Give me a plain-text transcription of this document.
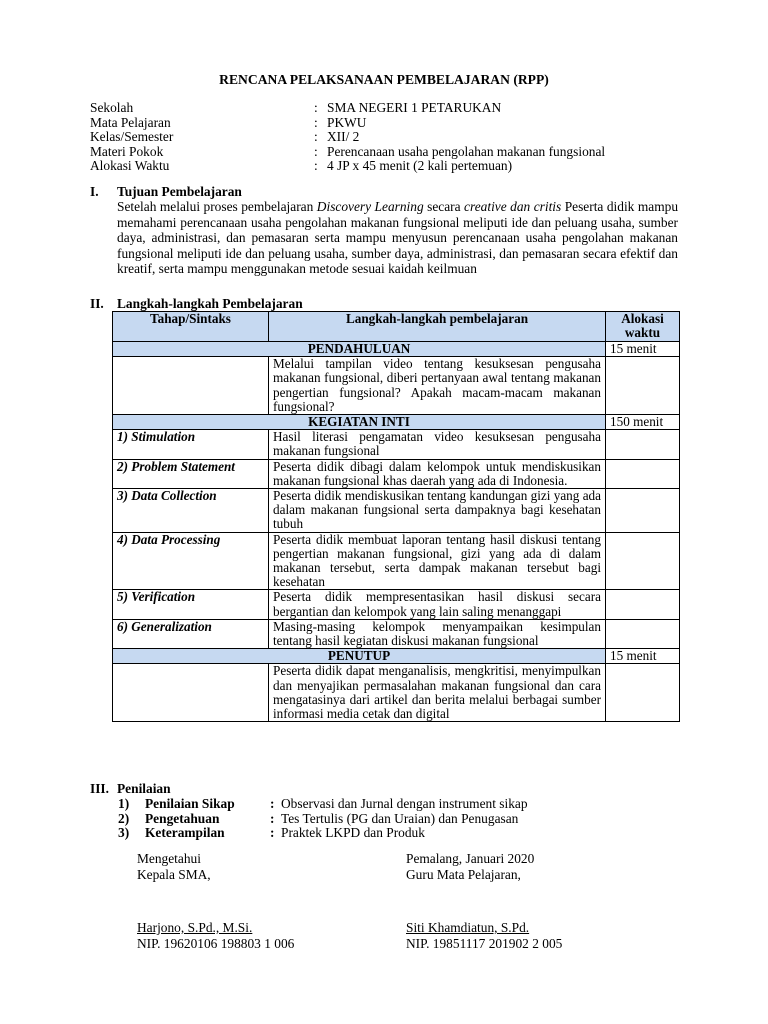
RENCANA PELAKSANAAN PEMBELAJARAN (RPP)
Sekolah	: SMA NEGERI 1 PETARUKAN
Mata Pelajaran	: PKWU
Kelas/Semester	: XII/ 2
Materi Pokok	: Perencanaan usaha pengolahan makanan fungsional
Alokasi Waktu	: 4 JP x 45 menit (2 kali pertemuan)
I. Tujuan Pembelajaran
Setelah melalui proses pembelajaran Discovery Learning secara creative dan critis Peserta didik mampu memahami perencanaan usaha pengolahan makanan fungsional meliputi ide dan peluang usaha, sumber daya, administrasi, dan pemasaran serta mampu menyusun perencanaan usaha pengolahan makanan fungsional meliputi ide dan peluang usaha, sumber daya, administrasi, dan pemasaran secara efektif dan kreatif, serta mampu menggunakan metode sesuai kaidah keilmuan
II. Langkah-langkah Pembelajaran
Tahap/Sintaks	Langkah-langkah pembelajaran	Alokasi waktu
PENDAHULUAN		15 menit
	Melalui tampilan video tentang kesuksesan pengusaha makanan fungsional, diberi pertanyaan awal tentang makanan pengertian fungsional? Apakah macam-macam makanan fungsional?	
KEGIATAN INTI		150 menit
1) Stimulation	Hasil literasi pengamatan video kesuksesan pengusaha makanan fungsional	
2) Problem Statement	Peserta didik dibagi dalam kelompok untuk mendiskusikan makanan fungsional khas daerah yang ada di Indonesia.	
3) Data Collection	Peserta didik mendiskusikan tentang kandungan gizi yang ada dalam makanan fungsional serta dampaknya bagi kesehatan tubuh	
4) Data Processing	Peserta didik membuat laporan tentang hasil diskusi tentang pengertian makanan fungsional, gizi yang ada di dalam makanan tersebut, serta dampak makanan tersebut bagi kesehatan	
5) Verification	Peserta didik mempresentasikan hasil diskusi secara bergantian dan kelompok yang lain saling menanggapi	
6) Generalization	Masing-masing kelompok menyampaikan kesimpulan tentang hasil kegiatan diskusi makanan fungsional	
PENUTUP		15 menit
	Peserta didik dapat menganalisis, mengkritisi, menyimpulkan dan menyajikan permasalahan makanan fungsional dan cara mengatasinya dari artikel dan berita melalui berbagai sumber informasi media cetak dan digital	
III. Penilaian
1) Penilaian Sikap	: Observasi dan Jurnal dengan instrument sikap
2) Pengetahuan	: Tes Tertulis (PG dan Uraian) dan Penugasan
3) Keterampilan	: Praktek LKPD dan Produk
Mengetahui
Kepala SMA,
Pemalang, Januari 2020
Guru Mata Pelajaran,
Harjono, S.Pd., M.Si.
NIP. 19620106 198803 1 006
Siti Khamdiatun, S.Pd.
NIP. 19851117 201902 2 005
